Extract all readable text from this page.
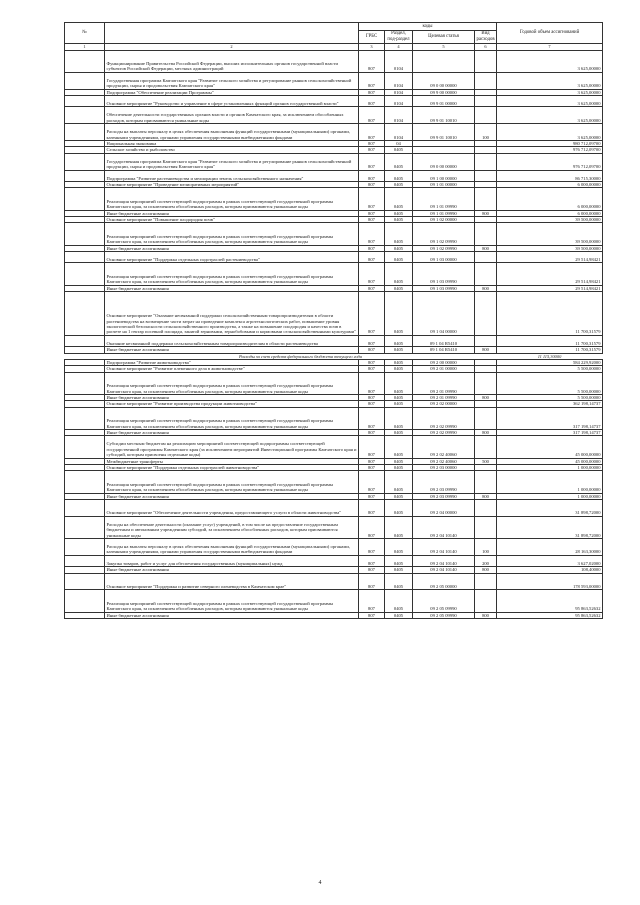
№		коды				Годовой объем ассигнований
		ГРБС	Раздел, под-раздел	Целевая статья	Вид расходов	
1	2	3	4	5	6	7
	Функционирование Правительства Российской Федерации, высших исполнительных органов государственной власти субъектов Российской Федерации, местных администраций	807	0104			3 625,00000
	Государственная программа Камчатского края "Развитие сельского хозяйства и регулирование рынков сельскохозяйственной продукции, сырья и продовольствия Камчатского края"	807	0104	09 0 00 00000		3 625,00000
	Подпрограмма "Обеспечение реализации Программы"	807	0104	09 9 00 00000		3 625,00000
	Основное мероприятие "Руководство и управление в сфере установленных функций органов государственной власти"	807	0104	09 9 01 00000		3 625,00000
	Обеспечение деятельности государственных органов власти и органов Камчатского края, за исключением обособленных расходов, которым присваиваются уникальные коды	807	0104	09 9 01 10010		3 625,00000
	Расходы на выплаты персоналу в целях обеспечения выполнения функций государственными (муниципальными) органами, казенными учреждениями, органами управления государственными внебюджетными фондами	807	0104	09 9 01 10010	100	3 625,00000
	Национальная экономика	807	04			980 712,09700
	Сельское хозяйство и рыболовство	807	0405			976 712,09700
	Государственная программа Камчатского края "Развитие сельского хозяйства и регулирование рынков сельскохозяйственной продукции, сырья и продовольствия Камчатского края"	807	0405	09 0 00 00000		976 712,09700
	Подпрограмма "Развитие растениеводства и мелиорации земель сельскохозяйственного назначения"	807	0405	09 1 00 00000		86 715,30000
	Основное мероприятие "Проведение мелиоративных мероприятий"	807	0405	09 1 01 00000		6 000,00000
	Реализация мероприятий соответствующей подпрограммы в рамках соответствующей государственной программы Камчатского края, за исключением обособленных расходов, которым присваиваются уникальные коды	807	0405	09 1 01 09990		6 000,00000
	Иные бюджетные ассигнования	807	0405	09 1 01 09990	800	6 000,00000
	Основное мероприятие "Повышение плодородия почв"	807	0405	09 1 02 00000		39 500,00000
	Реализация мероприятий соответствующей подпрограммы в рамках соответствующей государственной программы Камчатского края, за исключением обособленных расходов, которым присваиваются уникальные коды	807	0405	09 1 02 09990		39 500,00000
	Иные бюджетные ассигнования	807	0405	09 1 02 09990	800	39 500,00000
	Основное мероприятие "Поддержка отдельных подотраслей растениеводства"	807	0405	09 1 03 00000		29 514,98421
	Реализация мероприятий соответствующей подпрограммы в рамках соответствующей государственной программы Камчатского края, за исключением обособленных расходов, которым присваиваются уникальные коды	807	0405	09 1 03 09990		29 514,98421
	Иные бюджетные ассигнования	807	0405	09 1 03 09990	800	29 514,98421
	Основное мероприятие "Оказание несвязанной поддержки сельскохозяйственным товаропроизводителям в области растениеводства на возмещение части затрат на проведение комплекса агротехнологических работ, повышение уровня экологической безопасности сельскохозяйственного производства, а также на повышение плодородия и качества почв в расчете на 1 гектар посевной площади, занятой зерновыми, зернобобовыми и кормовыми сельскохозяйственными культурами"	807	0405	09 1 04 00000		11 700,31579
	Оказание несвязанной поддержки сельскохозяйственным товаропроизводителям в области растениеводства	807	0405	09 1 04 R5410		11 700,31579
	Иные бюджетные ассигнования	807	0405	09 1 04 R5410	800	11 700,31579
	Расходы за счет средств федерального бюджета текущего года					11 115,30000
	Подпрограмма "Развитие животноводства"	807	0405	09 2 00 00000		584 229,92000
	Основное мероприятие "Развитие племенного дела в животноводстве"	807	0405	09 2 01 00000		5 500,00000
	Реализация мероприятий соответствующей подпрограммы в рамках соответствующей государственной программы Камчатского края, за исключением обособленных расходов, которым присваиваются уникальные коды	807	0405	09 2 01 09990		5 500,00000
	Иные бюджетные ассигнования	807	0405	09 2 01 09990	800	5 500,00000
	Основное мероприятие "Развитие производства продукции животноводства"	807	0405	09 2 02 00000		362 198,14737
	Реализация мероприятий соответствующей подпрограммы в рамках соответствующей государственной программы Камчатского края, за исключением обособленных расходов, которым присваиваются уникальные коды	807	0405	09 2 02 09990		317 198,14737
	Иные бюджетные ассигнования	807	0405	09 2 02 09990	800	317 198,14737
	Субсидии местным бюджетам на реализацию мероприятий соответствующей подпрограммы соответствующей государственной программы Камчатского края (за исключением мероприятий Инвестиционной программы Камчатского края и субсидий, которым присвоены отдельные коды)	807	0405	09 2 02 40060		45 000,00000
	Межбюджетные трансферты	807	0405	09 2 02 40060	500	45 000,00000
	Основное мероприятие "Поддержка отдельных подотраслей животноводства"	807	0405	09 2 03 00000		1 000,00000
	Реализация мероприятий соответствующей подпрограммы в рамках соответствующей государственной программы Камчатского края, за исключением обособленных расходов, которым присваиваются уникальные коды	807	0405	09 2 03 09990		1 000,00000
	Иные бюджетные ассигнования	807	0405	09 2 03 09990	800	1 000,00000
	Основное мероприятие "Обеспечение деятельности учреждения, предоставляющего услуги в области животноводства"	807	0405	09 2 04 00000		31 898,72000
	Расходы на обеспечение деятельности (оказание услуг) учреждений, в том числе на предоставление государственным бюджетным и автономным учреждениям субсидий, за исключением обособленных расходов, которым присваиваются уникальные коды	807	0405	09 2 04 10140		31 898,72000
	Расходы на выплаты персоналу в целях обеспечения выполнения функций государственными (муниципальными) органами, казенными учреждениями, органами управления государственными внебюджетными фондами	807	0405	09 2 04 10140	100	28 163,30000
	Закупка товаров, работ и услуг для обеспечения государственных (муниципальных) нужд	807	0405	09 2 04 10140	200	3 627,02000
	Иные бюджетные ассигнования	807	0405	09 2 04 10140	800	108,40000
	Основное мероприятие "Поддержка и развитие северного оленеводства в Камчатском крае"	807	0405	09 2 05 00000		178 593,00000
	Реализация мероприятий соответствующей подпрограммы в рамках соответствующей государственной программы Камчатского края, за исключением обособленных расходов, которым присваиваются уникальные коды	807	0405	09 2 05 09990		95 863,52632
	Иные бюджетные ассигнования	807	0405	09 2 05 09990	800	95 863,52632
4
